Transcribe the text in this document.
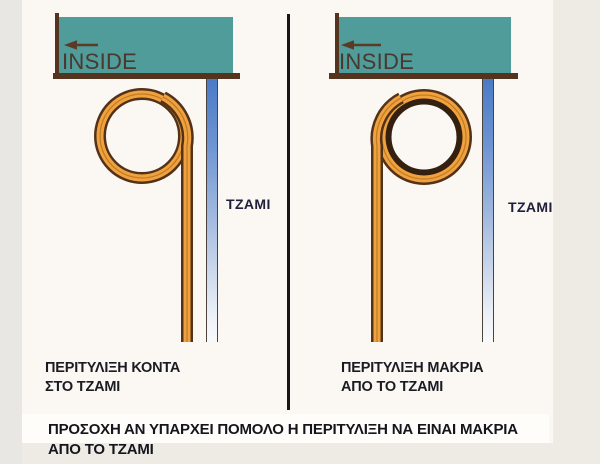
INSIDE	INSIDE
ΤΖΑΜΙ	ΤΖΑΜΙ
ΠΕΡΙΤΥΛΙΞΗ ΚΟΝΤΑ
ΣΤΟ ΤΖΑΜΙ
ΠΕΡΙΤΥΛΙΞΗ ΜΑΚΡΙΑ
ΑΠΟ ΤΟ ΤΖΑΜΙ
ΠΡΟΣΟΧΗ ΑΝ ΥΠΑΡΧΕΙ ΠΟΜΟΛΟ Η ΠΕΡΙΤΥΛΙΞΗ ΝΑ ΕΙΝΑΙ ΜΑΚΡΙΑ
ΑΠΟ ΤΟ ΤΖΑΜΙ
